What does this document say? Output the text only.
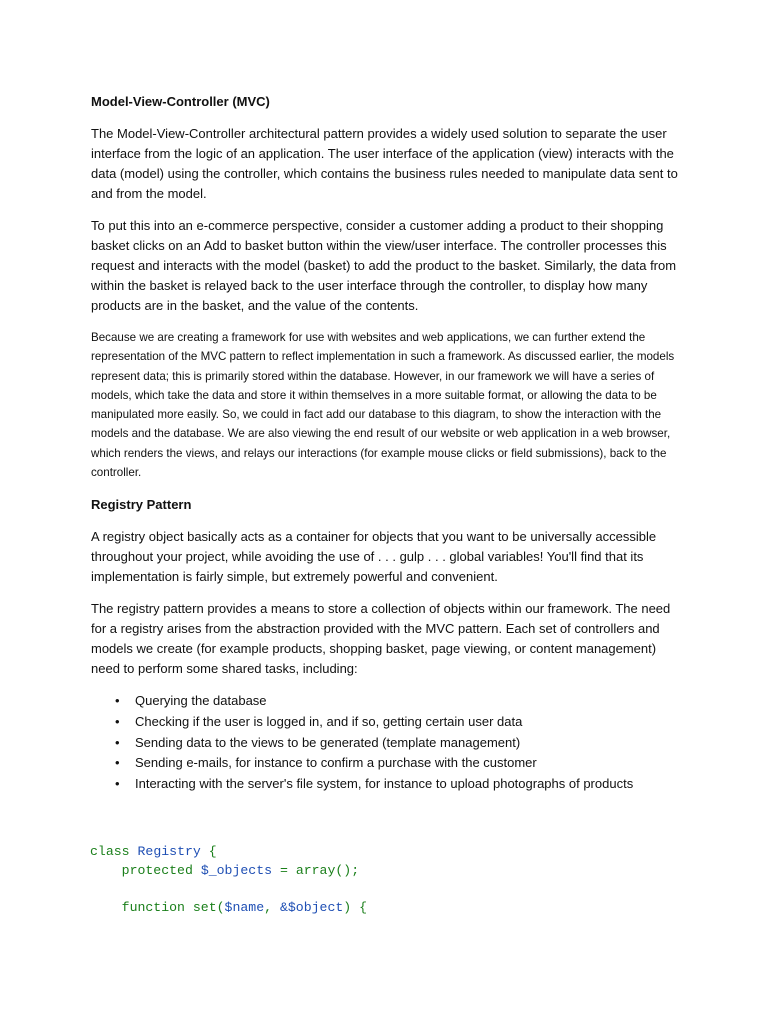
Model-View-Controller (MVC)
The Model-View-Controller architectural pattern provides a widely used solution to separate the user interface from the logic of an application. The user interface of the application (view) interacts with the data (model) using the controller, which contains the business rules needed to manipulate data sent to and from the model.
To put this into an e-commerce perspective, consider a customer adding a product to their shopping basket clicks on an Add to basket button within the view/user interface. The controller processes this request and interacts with the model (basket) to add the product to the basket. Similarly, the data from within the basket is relayed back to the user interface through the controller, to display how many products are in the basket, and the value of the contents.
Because we are creating a framework for use with websites and web applications, we can further extend the representation of the MVC pattern to reflect implementation in such a framework. As discussed earlier, the models represent data; this is primarily stored within the database. However, in our framework we will have a series of models, which take the data and store it within themselves in a more suitable format, or allowing the data to be manipulated more easily. So, we could in fact add our database to this diagram, to show the interaction with the models and the database. We are also viewing the end result of our website or web application in a web browser, which renders the views, and relays our interactions (for example mouse clicks or field submissions), back to the controller.
Registry Pattern
A registry object basically acts as a container for objects that you want to be universally accessible throughout your project, while avoiding the use of . . . gulp . . . global variables! You'll find that its implementation is fairly simple, but extremely powerful and convenient.
The registry pattern provides a means to store a collection of objects within our framework. The need for a registry arises from the abstraction provided with the MVC pattern. Each set of controllers and models we create (for example products, shopping basket, page viewing, or content management) need to perform some shared tasks, including:
•	Querying the database
•	Checking if the user is logged in, and if so, getting certain user data
•	Sending data to the views to be generated (template management)
•	Sending e-mails, for instance to confirm a purchase with the customer
•	Interacting with the server's file system, for instance to upload photographs of products
class Registry {
protected $_objects = array();
function set($name, &$object) {
